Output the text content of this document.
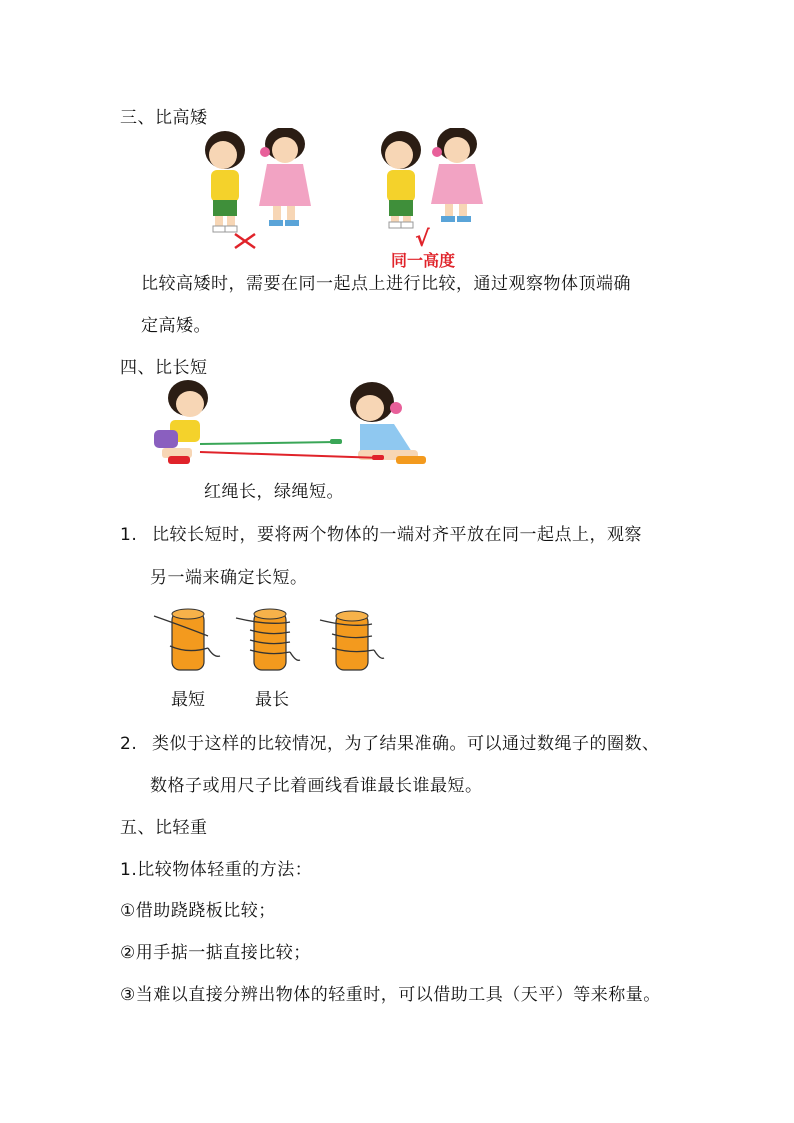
三、比高矮
√
同一高度
比较高矮时，需要在同一起点上进行比较，通过观察物体顶端确
定高矮。
四、比长短
红绳长，绿绳短。
1. 比较长短时，要将两个物体的一端对齐平放在同一起点上，观察
另一端来确定长短。
最短	最长
2. 类似于这样的比较情况，为了结果准确。可以通过数绳子的圈数、
数格子或用尺子比着画线看谁最长谁最短。
五、比轻重
1.比较物体轻重的方法：
①借助跷跷板比较；
②用手掂一掂直接比较；
③当难以直接分辨出物体的轻重时，可以借助工具（天平）等来称量。
